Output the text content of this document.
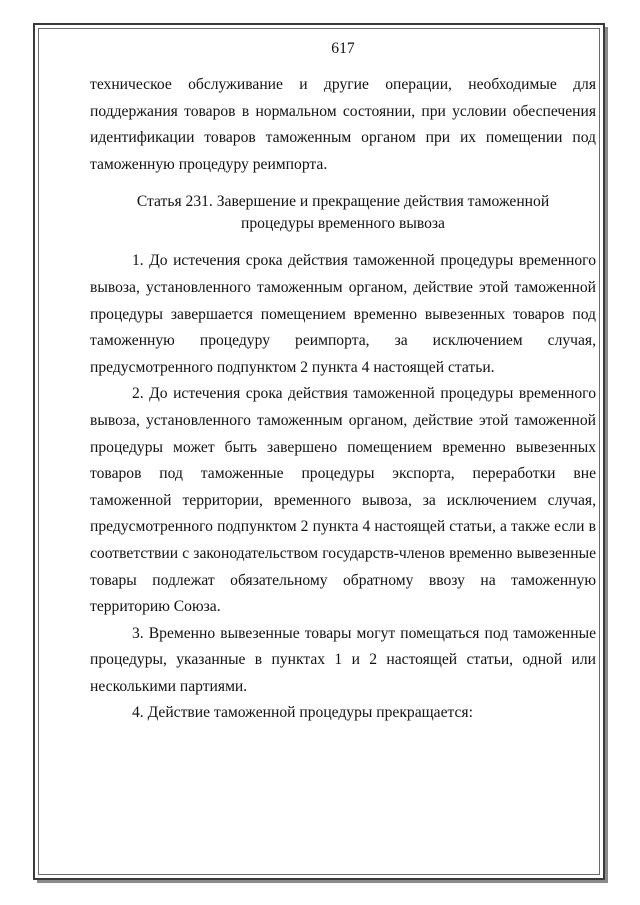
617

техническое обслуживание и другие операции, необходимые для поддержания товаров в нормальном состоянии, при условии обеспечения идентификации товаров таможенным органом при их помещении под таможенную процедуру реимпорта.

Статья 231. Завершение и прекращение действия таможенной
процедуры временного вывоза

1. До истечения срока действия таможенной процедуры временного вывоза, установленного таможенным органом, действие этой таможенной процедуры завершается помещением временно вывезенных товаров под таможенную процедуру реимпорта, за исключением случая, предусмотренного подпунктом 2 пункта 4 настоящей статьи.

2. До истечения срока действия таможенной процедуры временного вывоза, установленного таможенным органом, действие этой таможенной процедуры может быть завершено помещением временно вывезенных товаров под таможенные процедуры экспорта, переработки вне таможенной территории, временного вывоза, за исключением случая, предусмотренного подпунктом 2 пункта 4 настоящей статьи, а также если в соответствии с законодательством государств-членов временно вывезенные товары подлежат обязательному обратному ввозу на таможенную территорию Союза.

3. Временно вывезенные товары могут помещаться под таможенные процедуры, указанные в пунктах 1 и 2 настоящей статьи, одной или несколькими партиями.

4. Действие таможенной процедуры прекращается:
